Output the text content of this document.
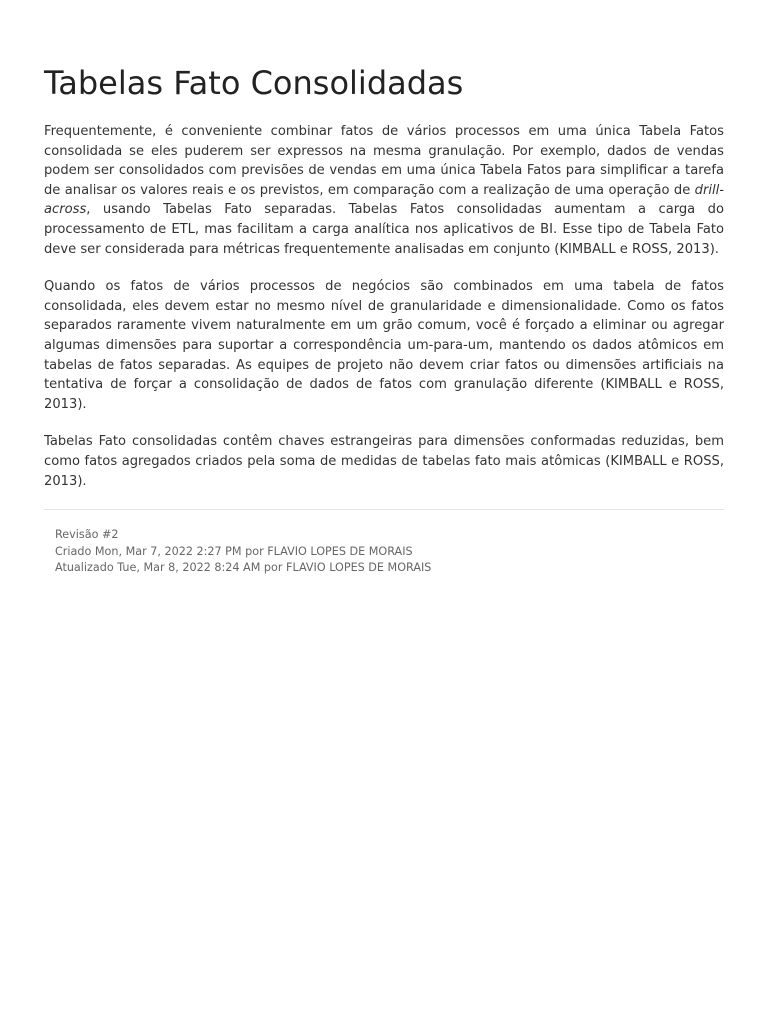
Tabelas Fato Consolidadas

Frequentemente, é conveniente combinar fatos de vários processos em uma única Tabela Fatos consolidada se eles puderem ser expressos na mesma granulação. Por exemplo, dados de vendas podem ser consolidados com previsões de vendas em uma única Tabela Fatos para simplificar a tarefa de analisar os valores reais e os previstos, em comparação com a realização de uma operação de drill-across, usando Tabelas Fato separadas. Tabelas Fatos consolidadas aumentam a carga do processamento de ETL, mas facilitam a carga analítica nos aplicativos de BI. Esse tipo de Tabela Fato deve ser considerada para métricas frequentemente analisadas em conjunto (KIMBALL e ROSS, 2013).

Quando os fatos de vários processos de negócios são combinados em uma tabela de fatos consolidada, eles devem estar no mesmo nível de granularidade e dimensionalidade. Como os fatos separados raramente vivem naturalmente em um grão comum, você é forçado a eliminar ou agregar algumas dimensões para suportar a correspondência um-para-um, mantendo os dados atômicos em tabelas de fatos separadas. As equipes de projeto não devem criar fatos ou dimensões artificiais na tentativa de forçar a consolidação de dados de fatos com granulação diferente (KIMBALL e ROSS, 2013).

Tabelas Fato consolidadas contêm chaves estrangeiras para dimensões conformadas reduzidas, bem como fatos agregados criados pela soma de medidas de tabelas fato mais atômicas (KIMBALL e ROSS, 2013).

Revisão #2
Criado Mon, Mar 7, 2022 2:27 PM por FLAVIO LOPES DE MORAIS
Atualizado Tue, Mar 8, 2022 8:24 AM por FLAVIO LOPES DE MORAIS
